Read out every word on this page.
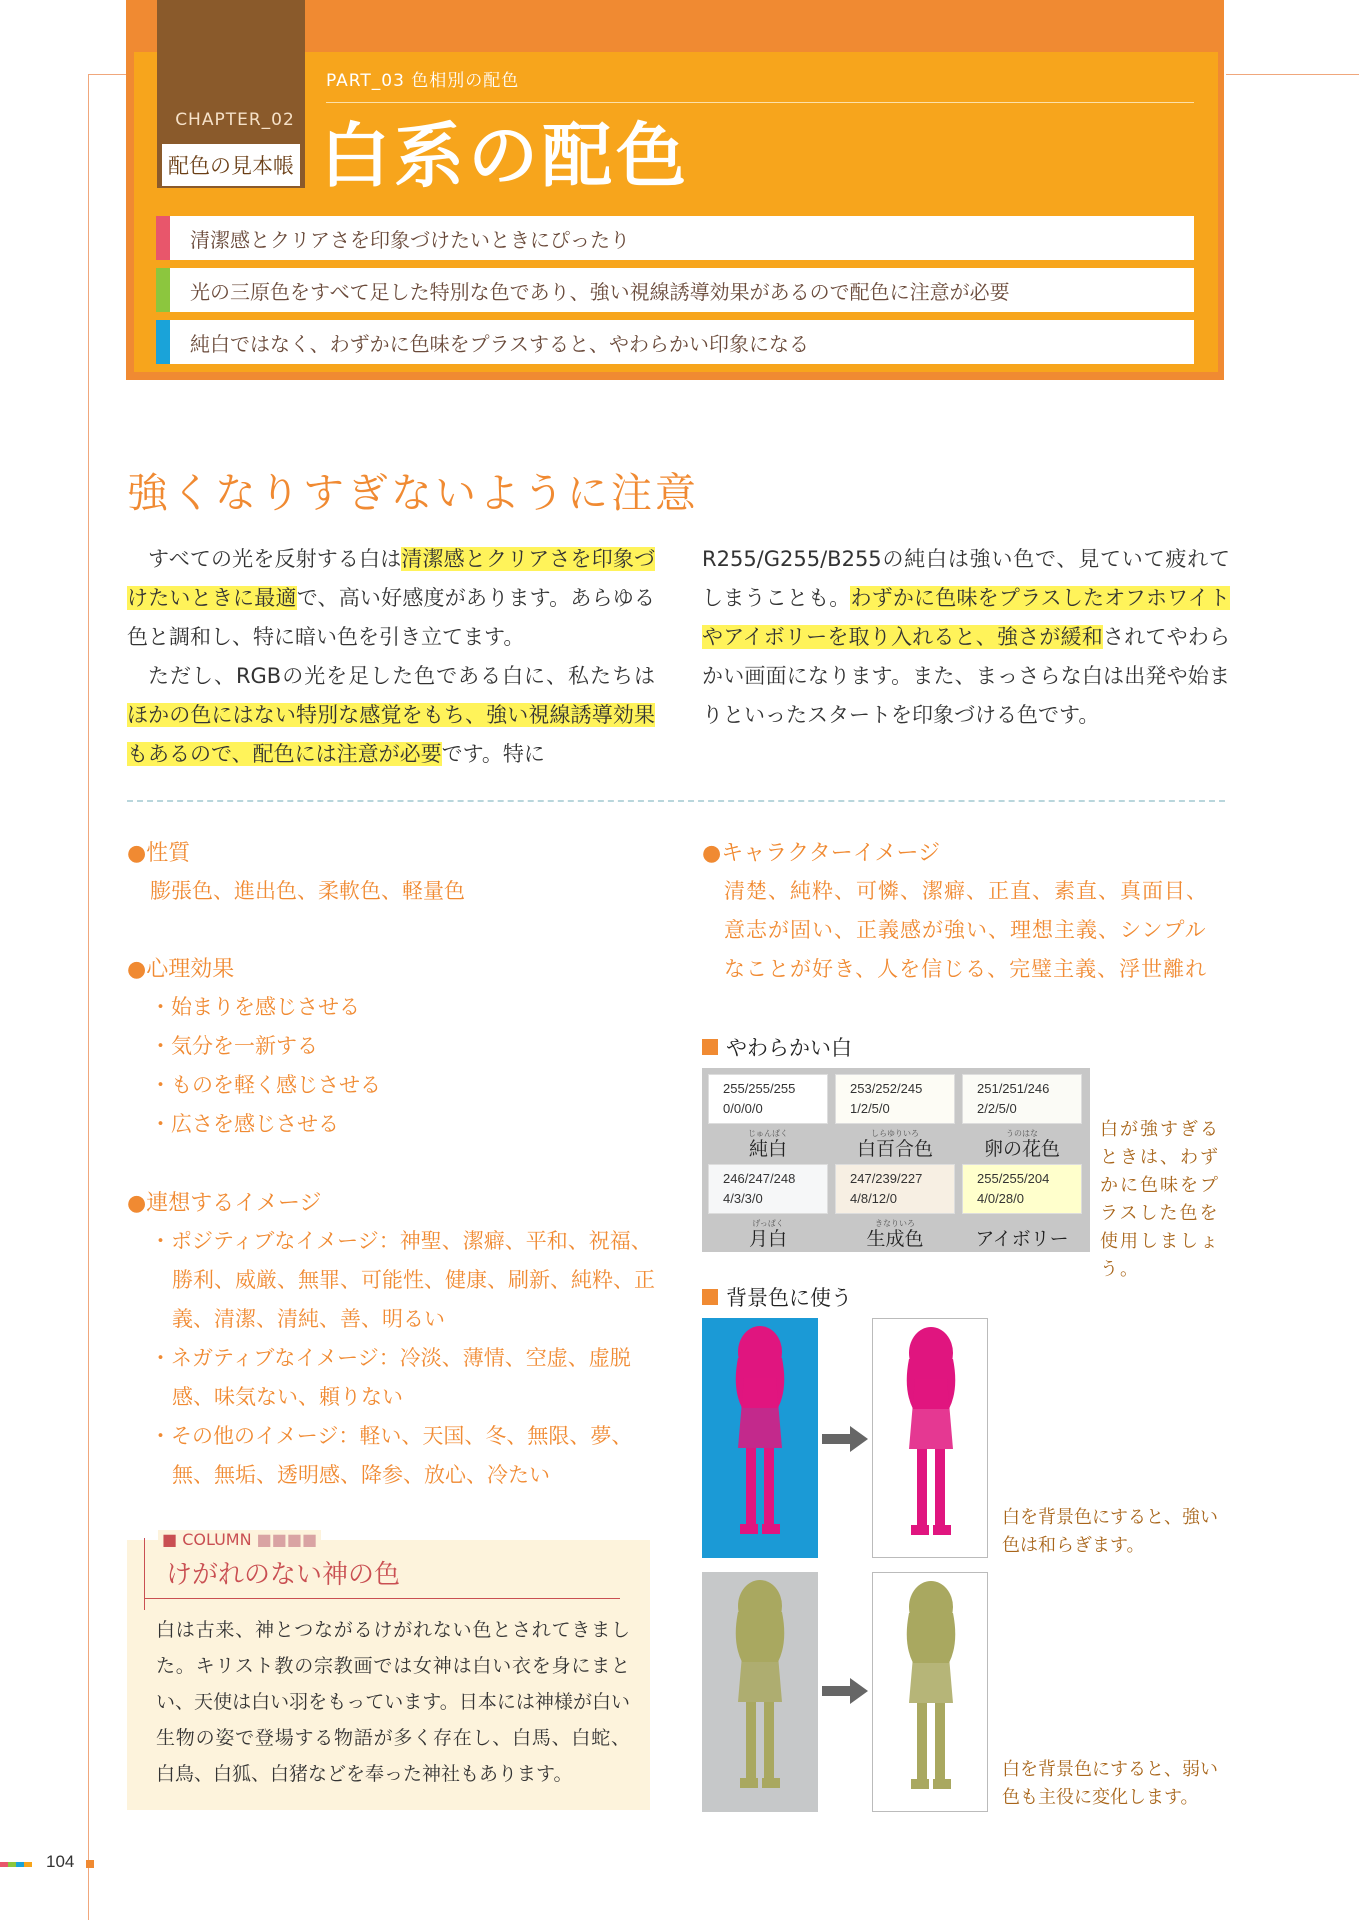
CHAPTER_02
配色の見本帳
PART_03 色相別の配色
白系の配色
清潔感とクリアさを印象づけたいときにぴったり
光の三原色をすべて足した特別な色であり、強い視線誘導効果があるので配色に注意が必要
純白ではなく、わずかに色味をプラスすると、やわらかい印象になる
強くなりすぎないように注意
すべての光を反射する白は清潔感とクリアさを印象づけたいときに最適で、高い好感度があります。あらゆる色と調和し、特に暗い色を引き立てます。
ただし、RGBの光を足した色である白に、私たちはほかの色にはない特別な感覚をもち、強い視線誘導効果もあるので、配色には注意が必要です。特に
R255/G255/B255の純白は強い色で、見ていて疲れてしまうことも。わずかに色味をプラスしたオフホワイトやアイボリーを取り入れると、強さが緩和されてやわらかい画面になります。また、まっさらな白は出発や始まりといったスタートを印象づける色です。
●性質
膨張色、進出色、柔軟色、軽量色
●心理効果
・始まりを感じさせる
・気分を一新する
・ものを軽く感じさせる
・広さを感じさせる
●連想するイメージ
・ポジティブなイメージ：神聖、潔癖、平和、祝福、勝利、威厳、無罪、可能性、健康、刷新、純粋、正義、清潔、清純、善、明るい
・ネガティブなイメージ：冷淡、薄情、空虚、虚脱感、味気ない、頼りない
・その他のイメージ：軽い、天国、冬、無限、夢、無、無垢、透明感、降参、放心、冷たい
●キャラクターイメージ
清楚、純粋、可憐、潔癖、正直、素直、真面目、意志が固い、正義感が強い、理想主義、シンプルなことが好き、人を信じる、完璧主義、浮世離れ
やわらかい白
255/255/255
0/0/0/0
じゅんぱく
純白
253/252/245
1/2/5/0
しらゆりいろ
白百合色
251/251/246
2/2/5/0
うのはな
卵の花色
246/247/248
4/3/3/0
げっぱく
月白
247/239/227
4/8/12/0
きなりいろ
生成色
255/255/204
4/0/28/0
アイボリー
白が強すぎるときは、わずかに色味をプラスした色を使用しましょう。
背景色に使う
白を背景色にすると、強い色は和らぎます。
白を背景色にすると、弱い色も主役に変化します。
■ COLUMN ■■■■
けがれのない神の色
白は古来、神とつながるけがれない色とされてきました。キリスト教の宗教画では女神は白い衣を身にまとい、天使は白い羽をもっています。日本には神様が白い生物の姿で登場する物語が多く存在し、白馬、白蛇、白鳥、白狐、白猪などを奉った神社もあります。
104
